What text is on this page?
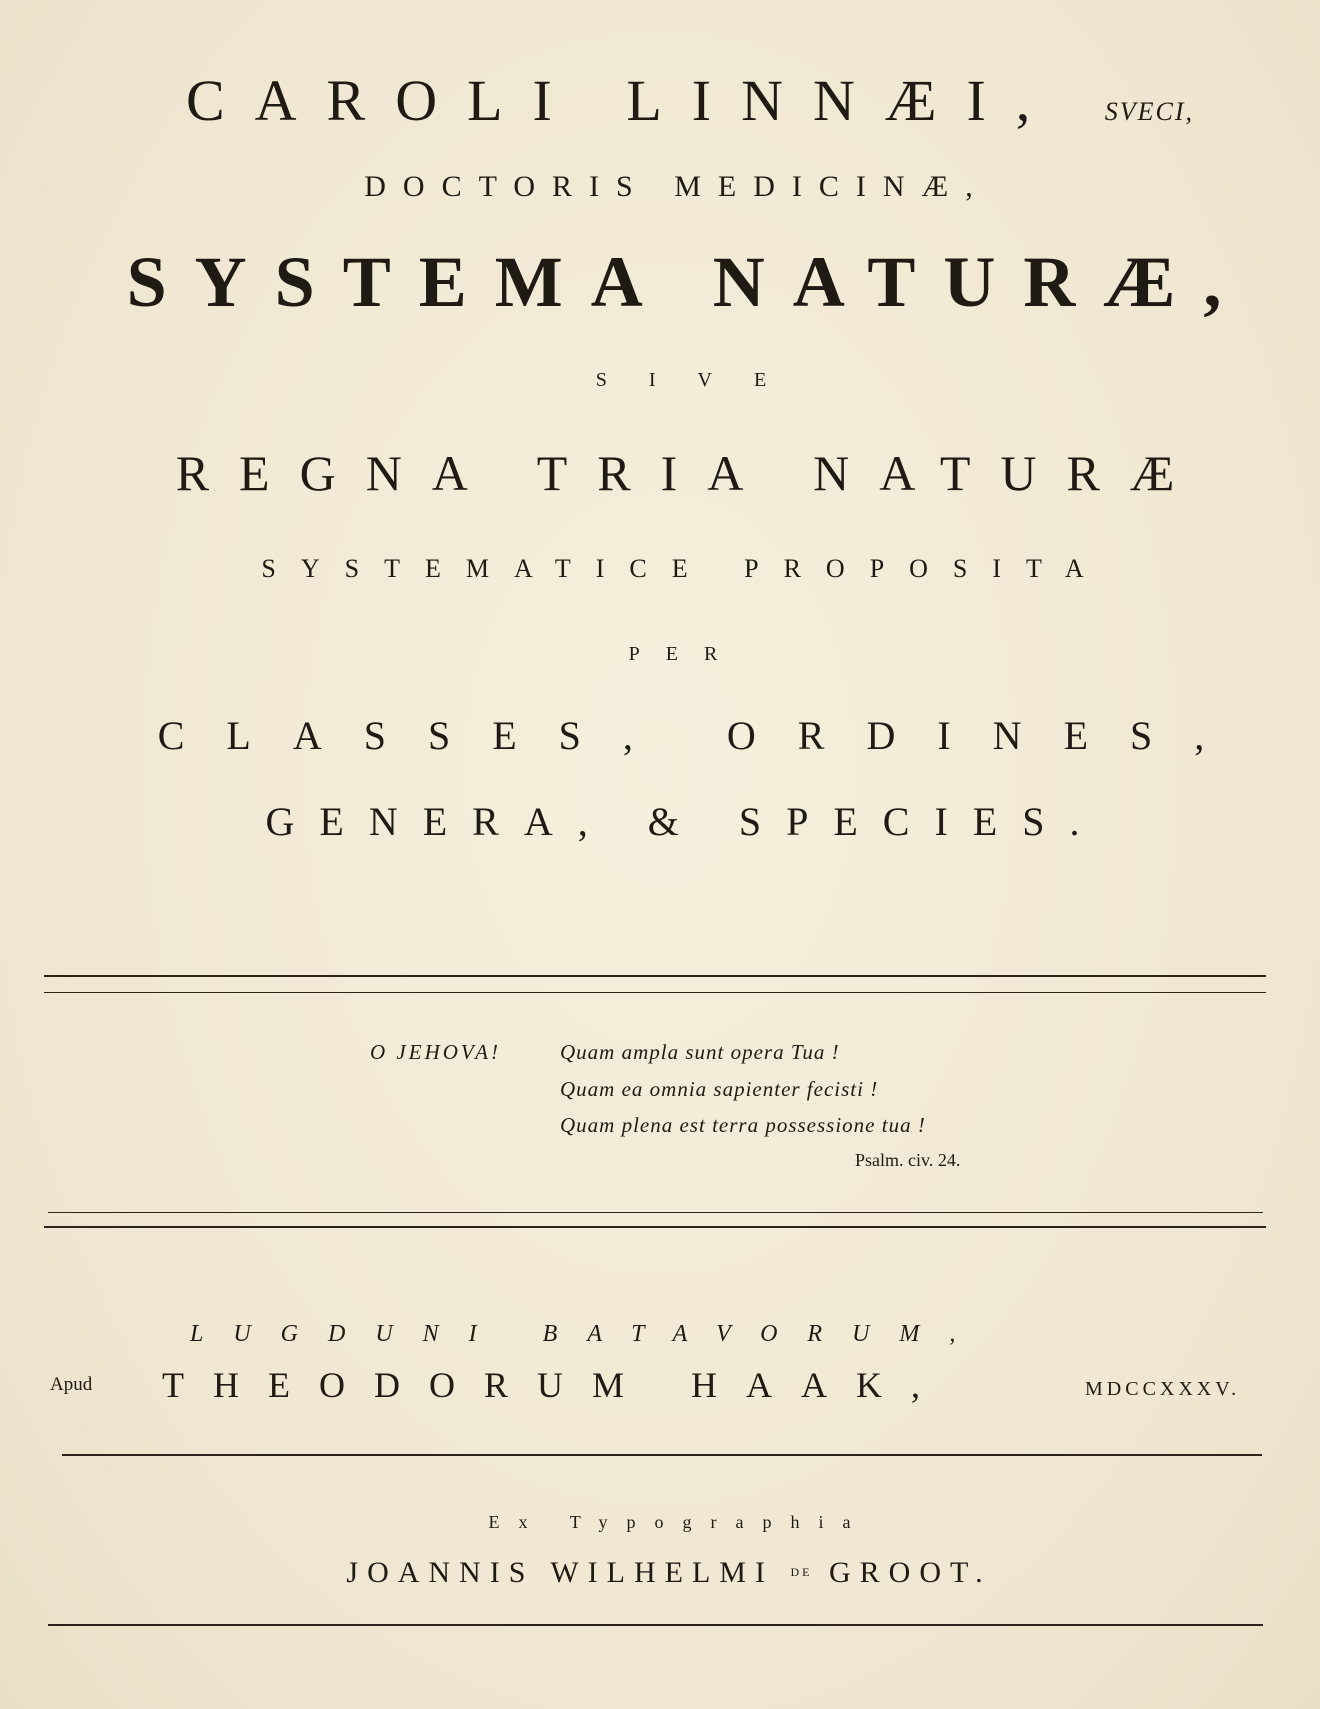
CAROLI LINNÆI, SVECI,
DOCTORIS MEDICINÆ,
SYSTEMA NATURÆ,
SIVE
REGNA TRIA NATURÆ
SYSTEMATICE PROPOSITA
PER
CLASSES, ORDINES,
GENERA, & SPECIES.
O JEHOVA!	Quam ampla sunt opera Tua !
Quam ea omnia sapienter fecisti !
Quam plena est terra possessione tua !
Psalm. civ. 24.
LUGDUNI BATAVORUM,
Apud THEODORUM HAAK,	MDCCXXXV.
Ex Typographia
JOANNIS WILHELMI $^{DE}$ GROOT.
